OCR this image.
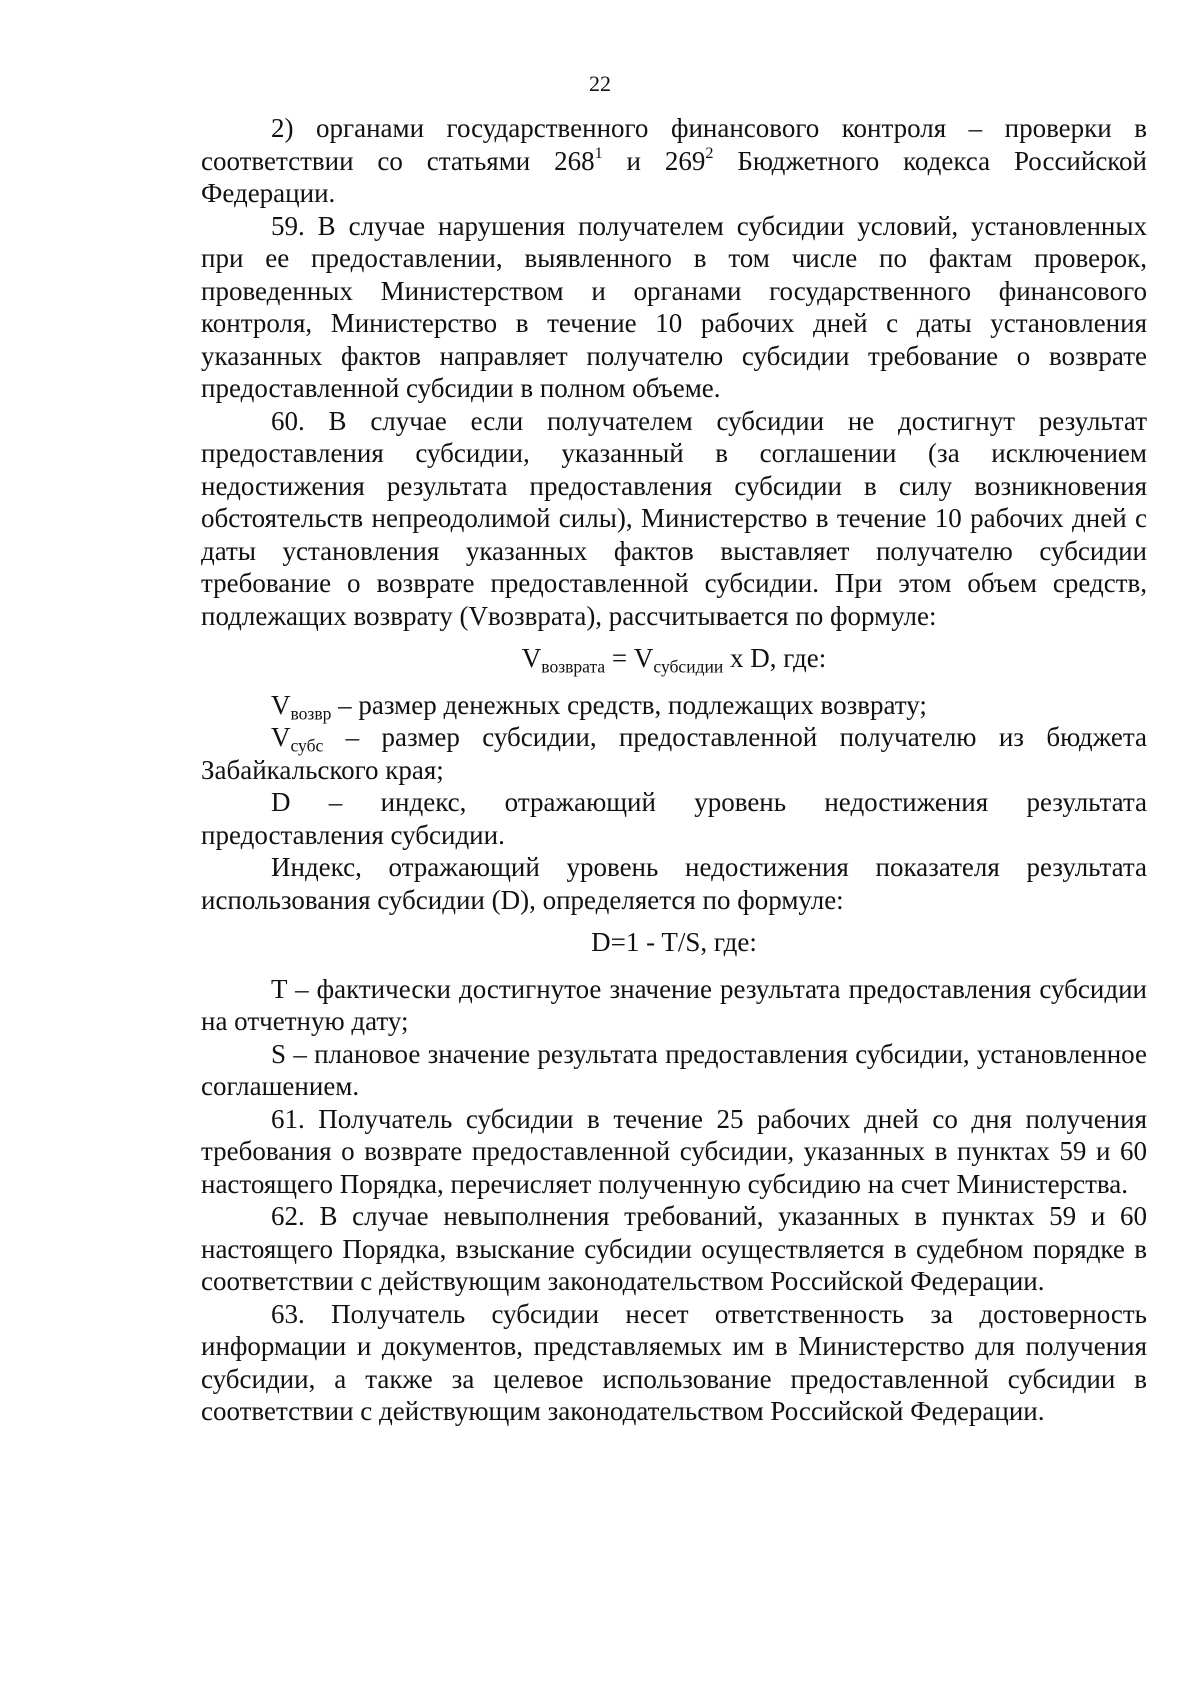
22

2) органами государственного финансового контроля – проверки в соответствии со статьями $268^1$ и $269^2$ Бюджетного кодекса Российской Федерации.

59. В случае нарушения получателем субсидии условий, установленных при ее предоставлении, выявленного в том числе по фактам проверок, проведенных Министерством и органами государственного финансового контроля, Министерство в течение 10 рабочих дней с даты установления указанных фактов направляет получателю субсидии требование о возврате предоставленной субсидии в полном объеме.

60. В случае если получателем субсидии не достигнут результат предоставления субсидии, указанный в соглашении (за исключением недостижения результата предоставления субсидии в силу возникновения обстоятельств непреодолимой силы), Министерство в течение 10 рабочих дней с даты установления указанных фактов выставляет получателю субсидии требование о возврате предоставленной субсидии. При этом объем средств, подлежащих возврату (Vвозврата), рассчитывается по формуле:

$V_{возврата} = V_{субсидии}$ x D, где:

$V_{возвр}$ – размер денежных средств, подлежащих возврату;

$V_{субс}$ – размер субсидии, предоставленной получателю из бюджета Забайкальского края;

D – индекс, отражающий уровень недостижения результата предоставления субсидии.

Индекс, отражающий уровень недостижения показателя результата использования субсидии (D), определяется по формуле:

D=1 - T/S, где:

T – фактически достигнутое значение результата предоставления субсидии на отчетную дату;

S – плановое значение результата предоставления субсидии, установленное соглашением.

61. Получатель субсидии в течение 25 рабочих дней со дня получения требования о возврате предоставленной субсидии, указанных в пунктах 59 и 60 настоящего Порядка, перечисляет полученную субсидию на счет Министерства.

62. В случае невыполнения требований, указанных в пунктах 59 и 60 настоящего Порядка, взыскание субсидии осуществляется в судебном порядке в соответствии с действующим законодательством Российской Федерации.

63. Получатель субсидии несет ответственность за достоверность информации и документов, представляемых им в Министерство для получения субсидии, а также за целевое использование предоставленной субсидии в соответствии с действующим законодательством Российской Федерации.
